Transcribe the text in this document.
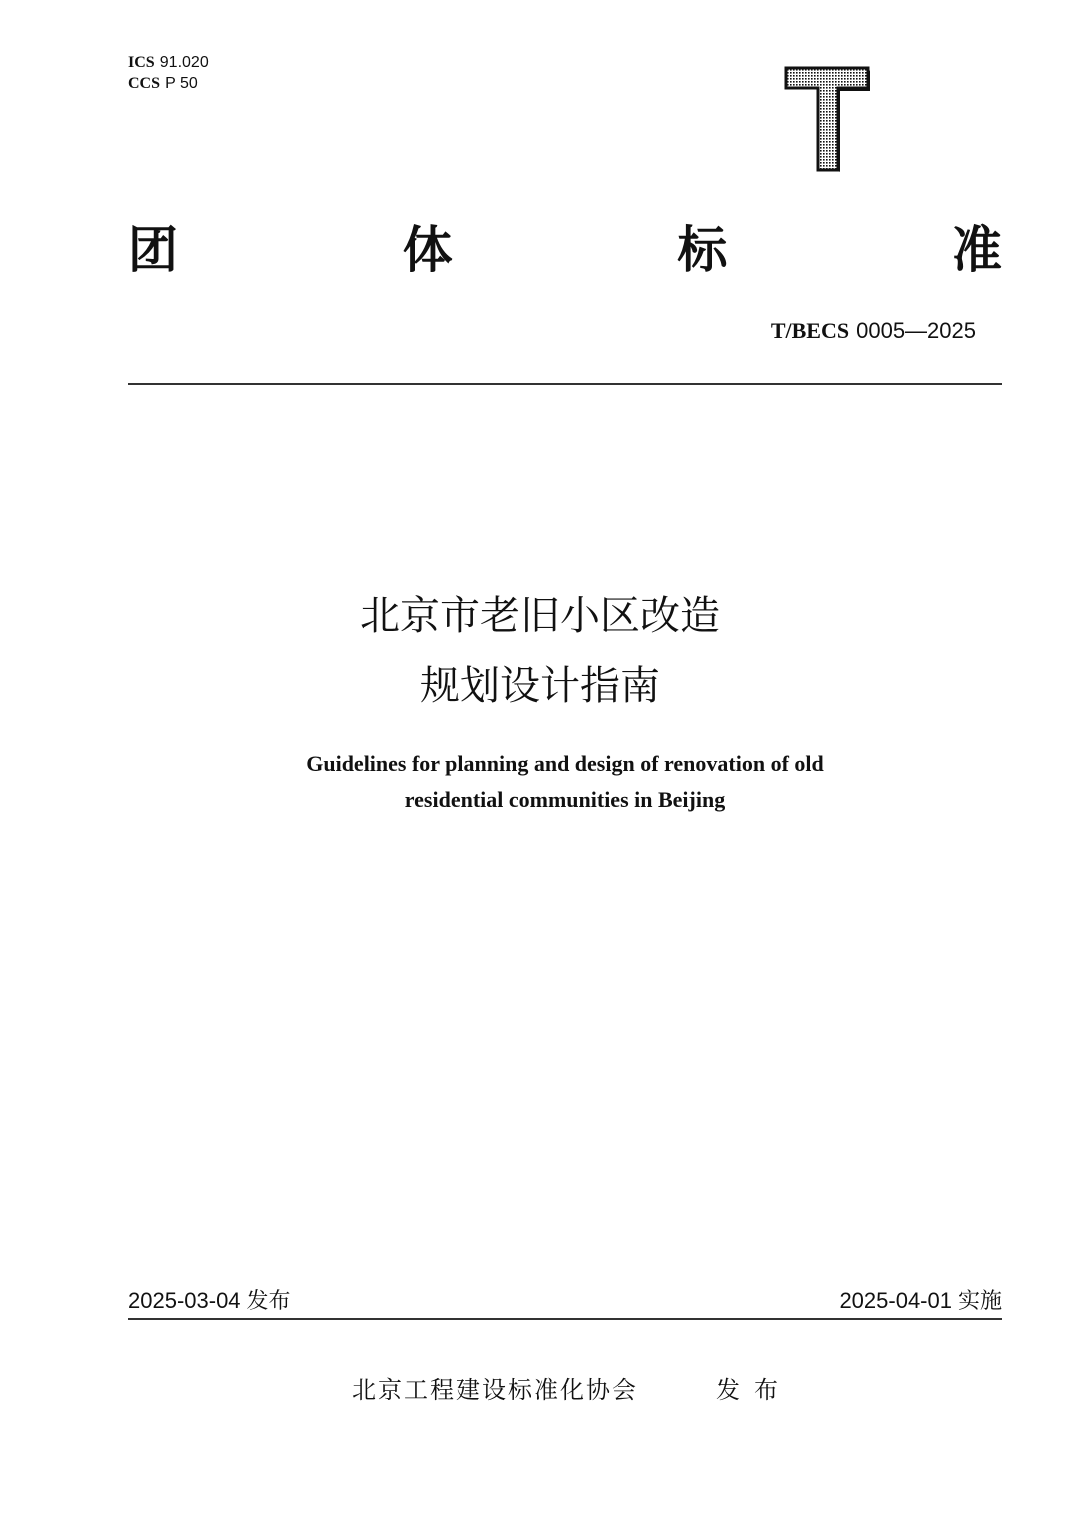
ICS 91.020
CCS P 50
团	体	标	准
T/BECS 0005—2025
北京市老旧小区改造
规划设计指南
Guidelines for planning and design of renovation of old
residential communities in Beijing
2025-03-04 发布	2025-04-01 实施
北京工程建设标准化协会	发布
